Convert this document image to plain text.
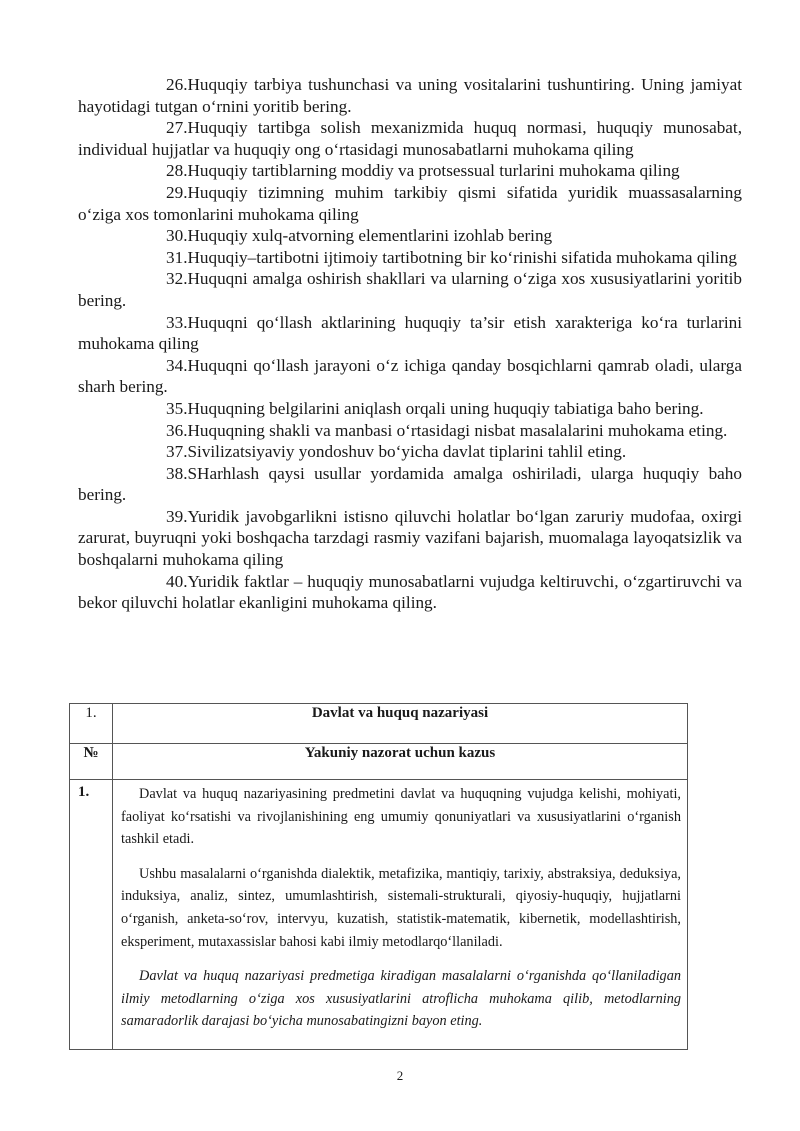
26.Huquqiy tarbiya tushunchasi va uning vositalarini tushuntiring. Uning jamiyat hayotidagi tutgan o‘rnini yoritib bering.

27.Huquqiy tartibga solish mexanizmida huquq normasi, huquqiy munosabat, individual hujjatlar va huquqiy ong o‘rtasidagi munosabatlarni muhokama qiling

28.Huquqiy tartiblarning moddiy va protsessual turlarini muhokama qiling

29.Huquqiy tizimning muhim tarkibiy qismi sifatida yuridik muassasalarning o‘ziga xos tomonlarini muhokama qiling

30.Huquqiy xulq-atvorning elementlarini izohlab bering

31.Huquqiy–tartibotni ijtimoiy tartibotning bir ko‘rinishi sifatida muhokama qiling

32.Huquqni amalga oshirish shakllari va ularning o‘ziga xos xususiyatlarini yoritib bering.

33.Huquqni qo‘llash aktlarining huquqiy ta’sir etish xarakteriga ko‘ra turlarini muhokama qiling

34.Huquqni qo‘llash jarayoni o‘z ichiga qanday bosqichlarni qamrab oladi, ularga sharh bering.

35.Huquqning belgilarini aniqlash orqali uning huquqiy tabiatiga baho bering.

36.Huquqning shakli va manbasi o‘rtasidagi nisbat masalalarini muhokama eting.

37.Sivilizatsiyaviy yondoshuv bo‘yicha davlat tiplarini tahlil eting.

38.SHarhlash qaysi usullar yordamida amalga oshiriladi, ularga huquqiy baho bering.

39.Yuridik javobgarlikni istisno qiluvchi holatlar bo‘lgan zaruriy mudofaa, oxirgi zarurat, buyruqni yoki boshqacha tarzdagi rasmiy vazifani bajarish, muomalaga layoqatsizlik va boshqalarni muhokama qiling

40.Yuridik faktlar – huquqiy munosabatlarni vujudga keltiruvchi, o‘zgartiruvchi va bekor qiluvchi holatlar ekanligini muhokama qiling.

1.	Davlat va huquq nazariyasi
№	Yakuniy nazorat uchun kazus
1.	Davlat va huquq nazariyasining predmetini davlat va huquqning vujudga kelishi, mohiyati, faoliyat ko‘rsatishi va rivojlanishining eng umumiy qonuniyatlari va xususiyatlarini o‘rganish tashkil etadi.

Ushbu masalalarni o‘rganishda dialektik, metafizika, mantiqiy, tarixiy, abstraksiya, deduksiya, induksiya, analiz, sintez, umumlashtirish, sistemali-strukturali, qiyosiy-huquqiy, hujjatlarni o‘rganish, anketa-so‘rov, intervyu, kuzatish, statistik-matematik, kibernetik, modellashtirish, eksperiment, mutaxassislar bahosi kabi ilmiy metodlarqo‘llaniladi.

Davlat va huquq nazariyasi predmetiga kiradigan masalalarni o‘rganishda qo‘llaniladigan ilmiy metodlarning o‘ziga xos xususiyatlarini atroflicha muhokama qilib, metodlarning samaradorlik darajasi bo‘yicha munosabatingizni bayon eting.

2
